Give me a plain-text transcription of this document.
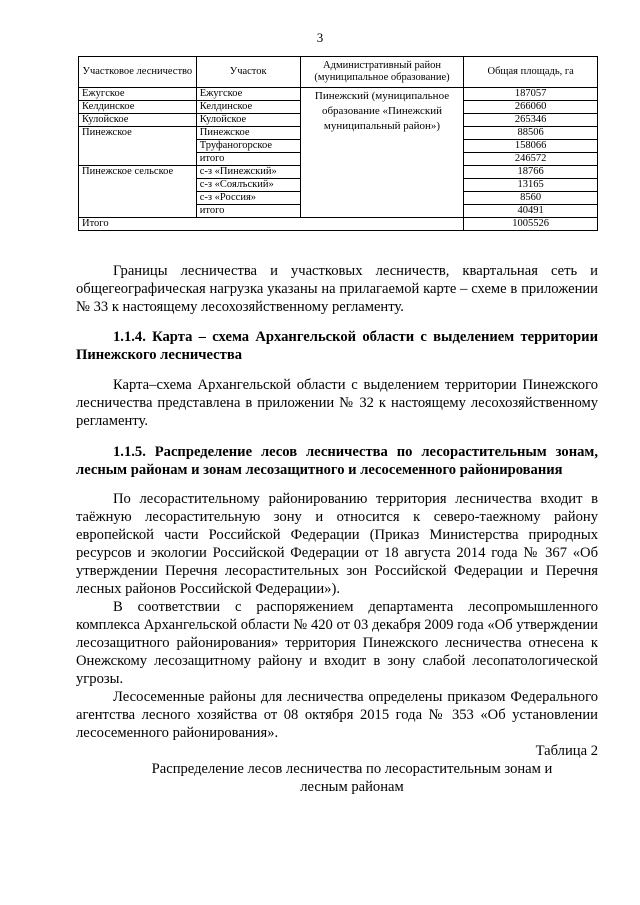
3
Участковое лесничество	Участок	Административный район (муниципальное образование)	Общая площадь, га
Ежугское	Ежугское	Пинежский (муниципальное образование «Пинежский муниципальный район»)	187057
Келдинское	Келдинское		266060
Кулойское	Кулойское		265346
Пинежское	Пинежское		88506
	Труфаногорское		158066
	итого		246572
Пинежское сельское	с-з «Пинежский»		18766
	с-з «Соялъский»		13165
	с-з «Россия»		8560
	итого		40491
Итого			1005526

Границы лесничества и участковых лесничеств, квартальная сеть и общегеографическая нагрузка указаны на прилагаемой карте – схеме в приложении № 33 к настоящему лесохозяйственному регламенту.

1.1.4. Карта – схема Архангельской области с выделением территории Пинежского лесничества

Карта–схема Архангельской области с выделением территории Пинежского лесничества представлена в приложении № 32 к настоящему лесохозяйственному регламенту.

1.1.5. Распределение лесов лесничества по лесорастительным зонам, лесным районам и зонам лесозащитного и лесосеменного районирования

По лесорастительному районированию территория лесничества входит в таёжную лесорастительную зону и относится к северо-таежному району европейской части Российской Федерации (Приказ Министерства природных ресурсов и экологии Российской Федерации от 18 августа 2014 года № 367 «Об утверждении Перечня лесорастительных зон Российской Федерации и Перечня лесных районов Российской Федерации»).

В соответствии с распоряжением департамента лесопромышленного комплекса Архангельской области № 420 от 03 декабря 2009 года «Об утверждении лесозащитного районирования» территория Пинежского лесничества отнесена к Онежскому лесозащитному району и входит в зону слабой лесопатологической угрозы.

Лесосеменные районы для лесничества определены приказом Федерального агентства лесного хозяйства от 08 октября 2015 года № 353 «Об установлении лесосеменного районирования».

Таблица 2
Распределение лесов лесничества по лесорастительным зонам и лесным районам
